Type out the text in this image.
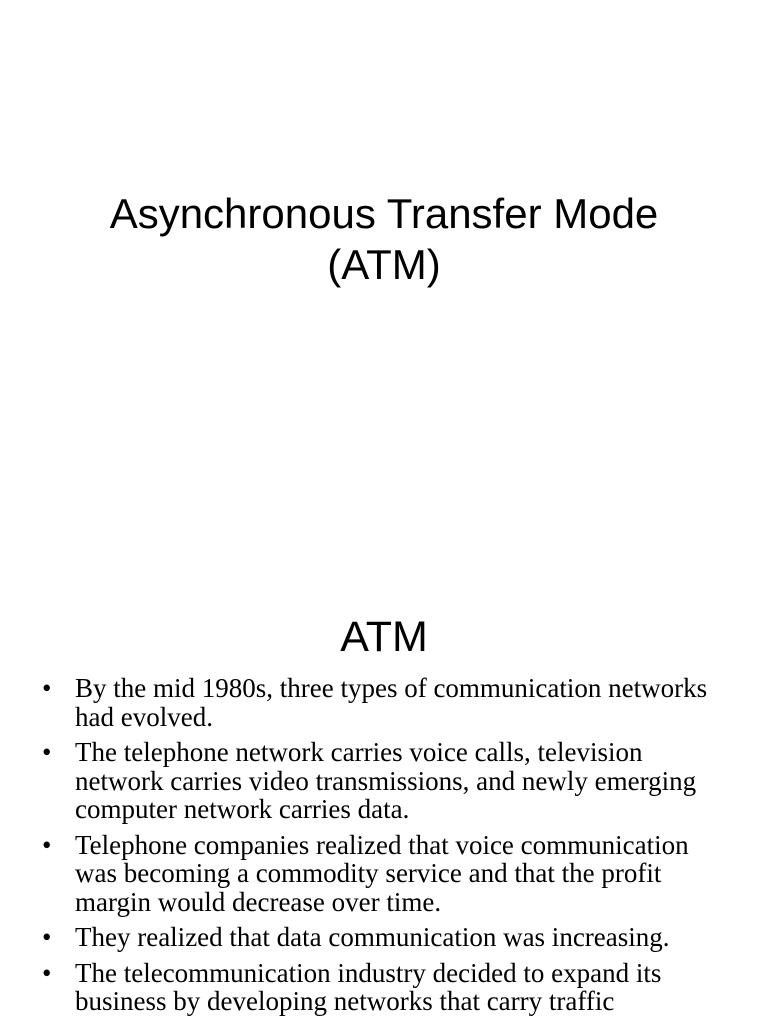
Asynchronous Transfer Mode
(ATM)
ATM
• By the mid 1980s, three types of communication networks had evolved.
• The telephone network carries voice calls, television network carries video transmissions, and newly emerging computer network carries data.
• Telephone companies realized that voice communication was becoming a commodity service and that the profit margin would decrease over time.
• They realized that data communication was increasing.
• The telecommunication industry decided to expand its business by developing networks that carry traffic
